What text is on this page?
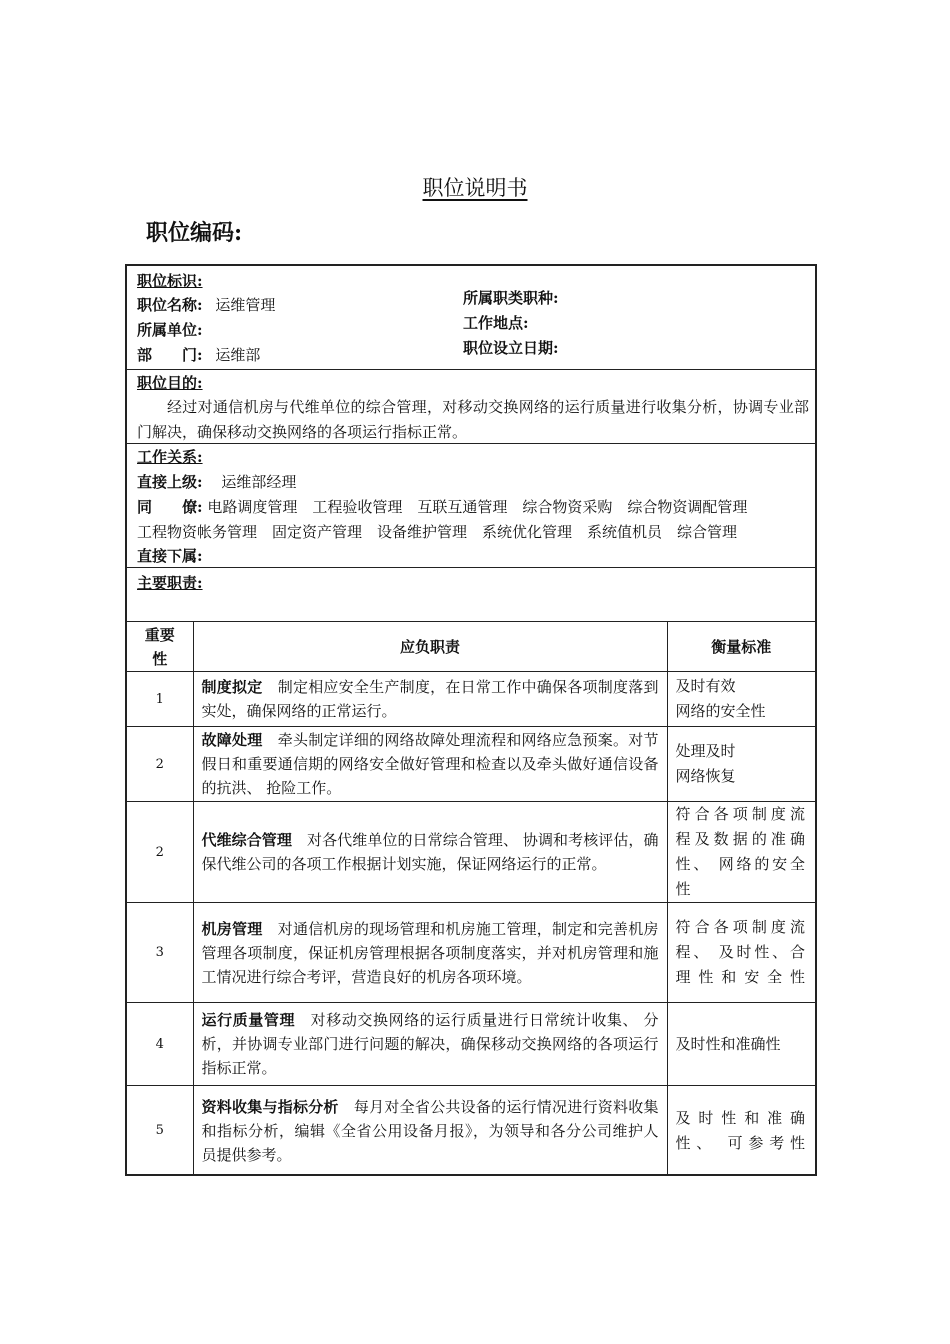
职位说明书
职位编码:
职位标识:
职位名称: 运维管理
所属单位:
部　　门: 运维部
所属职类职种:
工作地点:
职位设立日期:
职位目的:
经过对通信机房与代维单位的综合管理，对移动交换网络的运行质量进行收集分析，协调专业部门解决，确保移动交换网络的各项运行指标正常。
工作关系:
直接上级: 运维部经理
同　　僚: 电路调度管理　工程验收管理　互联互通管理　综合物资采购　综合物资调配管理
工程物资帐务管理　固定资产管理　设备维护管理　系统优化管理　系统值机员　综合管理
直接下属:
主要职责:
重要性	应负职责	衡量标准
1	制度拟定　制定相应安全生产制度，在日常工作中确保各项制度落到实处，确保网络的正常运行。	及时有效
网络的安全性

2	故障处理　牵头制定详细的网络故障处理流程和网络应急预案。对节假日和重要通信期的网络安全做好管理和检查以及牵头做好通信设备的抗洪、 抢险工作。	处理及时
网络恢复

2	代维综合管理　对各代维单位的日常综合管理、 协调和考核评估，确保代维公司的各项工作根据计划实施，保证网络运行的正常。	符合各项制度流程及数据的准确性、 网络的安全性
3	机房管理　对通信机房的现场管理和机房施工管理，制定和完善机房管理各项制度，保证机房管理根据各项制度落实，并对机房管理和施工情况进行综合考评，营造良好的机房各项环境。	符合各项制度流程、 及时性、合理性和安全性
4	运行质量管理　对移动交换网络的运行质量进行日常统计收集、 分析，并协调专业部门进行问题的解决，确保移动交换网络的各项运行指标正常。	及时性和准确性
5	资料收集与指标分析　每月对全省公共设备的运行情况进行资料收集和指标分析，编辑《全省公用设备月报》，为领导和各分公司维护人员提供参考。	及时性和准确性、 可参考性
